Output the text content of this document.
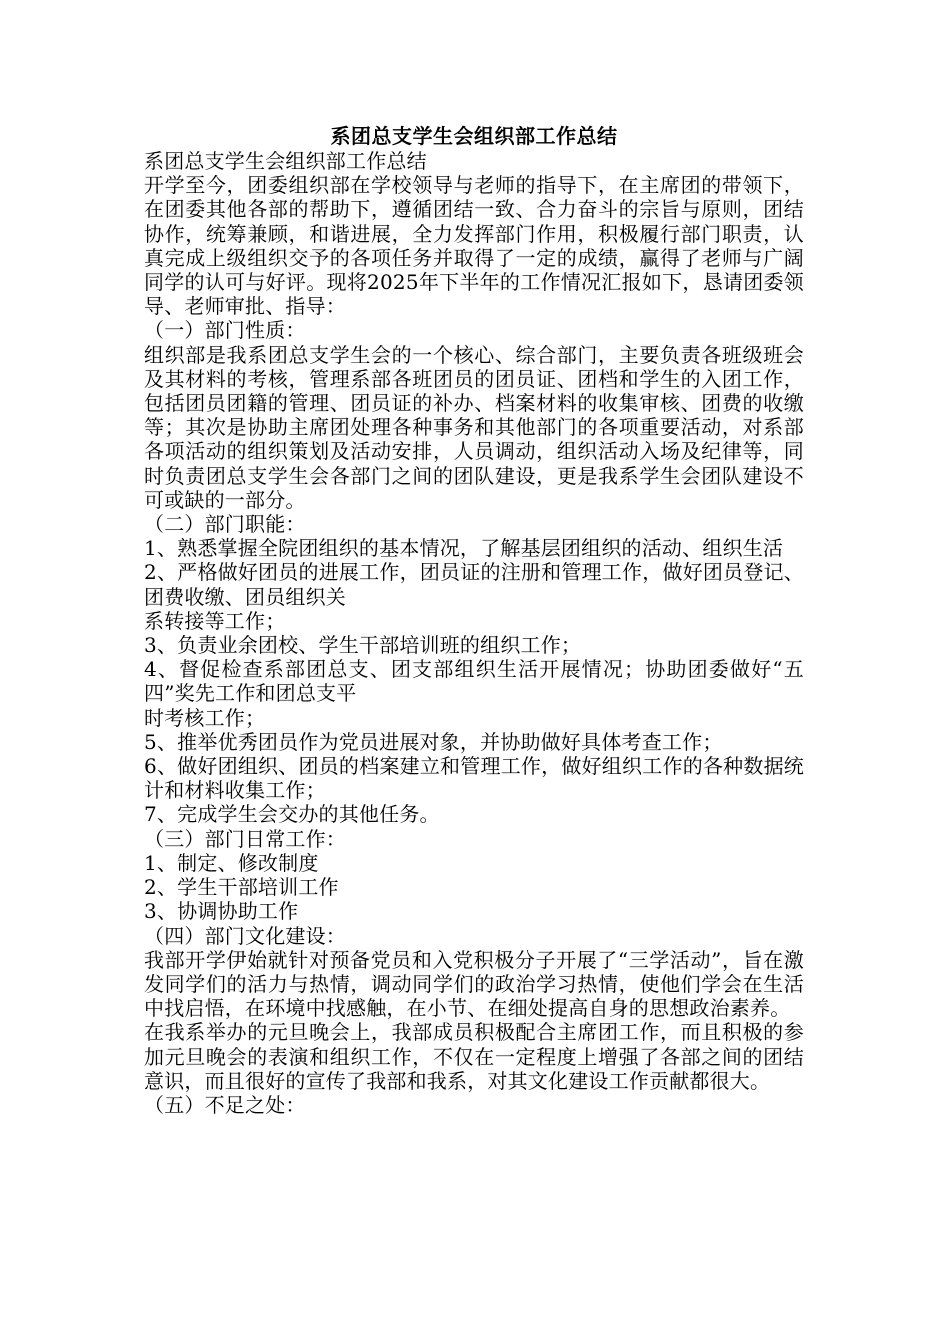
系团总支学生会组织部工作总结

系团总支学生会组织部工作总结

开学至今，团委组织部在学校领导与老师的指导下，在主席团的带领下，在团委其他各部的帮助下，遵循团结一致、合力奋斗的宗旨与原则，团结协作，统筹兼顾，和谐进展，全力发挥部门作用，积极履行部门职责，认真完成上级组织交予的各项任务并取得了一定的成绩，赢得了老师与广阔同学的认可与好评。现将2025年下半年的工作情况汇报如下，恳请团委领导、老师审批、指导：

（一）部门性质：

组织部是我系团总支学生会的一个核心、综合部门，主要负责各班级班会及其材料的考核，管理系部各班团员的团员证、团档和学生的入团工作，包括团员团籍的管理、团员证的补办、档案材料的收集审核、团费的收缴等；其次是协助主席团处理各种事务和其他部门的各项重要活动，对系部各项活动的组织策划及活动安排，人员调动，组织活动入场及纪律等，同时负责团总支学生会各部门之间的团队建设，更是我系学生会团队建设不可或缺的一部分。

（二）部门职能：

1、熟悉掌握全院团组织的基本情况，了解基层团组织的活动、组织生活

2、严格做好团员的进展工作，团员证的注册和管理工作，做好团员登记、团费收缴、团员组织关

系转接等工作；

3、负责业余团校、学生干部培训班的组织工作；

4、督促检查系部团总支、团支部组织生活开展情况；协助团委做好“五四”奖先工作和团总支平

时考核工作；

5、推举优秀团员作为党员进展对象，并协助做好具体考查工作；

6、做好团组织、团员的档案建立和管理工作，做好组织工作的各种数据统计和材料收集工作；

7、完成学生会交办的其他任务。

（三）部门日常工作：

1、制定、修改制度

2、学生干部培训工作

3、协调协助工作

（四）部门文化建设：

我部开学伊始就针对预备党员和入党积极分子开展了“三学活动”，旨在激发同学们的活力与热情，调动同学们的政治学习热情，使他们学会在生活中找启悟，在环境中找感触，在小节、在细处提高自身的思想政治素养。

在我系举办的元旦晚会上，我部成员积极配合主席团工作，而且积极的参加元旦晚会的表演和组织工作，不仅在一定程度上增强了各部之间的团结意识，而且很好的宣传了我部和我系，对其文化建设工作贡献都很大。

（五）不足之处：
